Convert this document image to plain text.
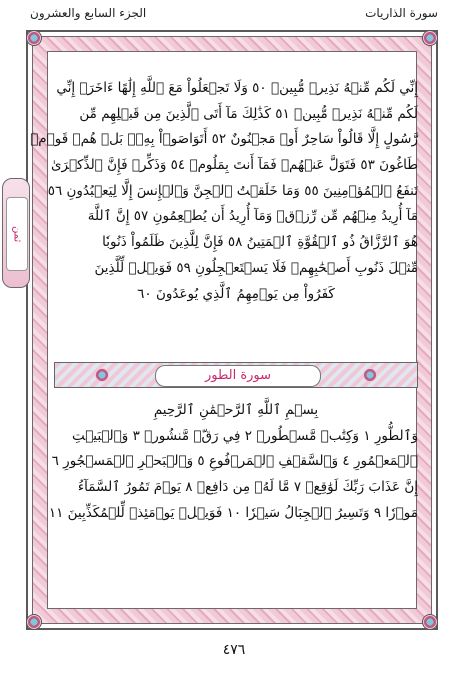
سورة الذاريات
الجزء السابع والعشرون
ثمن
إِنِّي لَكُم مِّنۡهُ نَذِيرٞ مُّبِينٞ ٥٠ وَلَا تَجۡعَلُواْ مَعَ ٱللَّهِ إِلَٰهًا ءَاخَرَۖ إِنِّي
لَكُم مِّنۡهُ نَذِيرٞ مُّبِينٞ ٥١ كَذَٰلِكَ مَآ أَتَى ٱلَّذِينَ مِن قَبۡلِهِم مِّن
رَّسُولٍ إِلَّا قَالُواْ سَاحِرٌ أَوۡ مَجۡنُونٌ ٥٢ أَتَوَاصَوۡاْ بِهِۦۚ بَلۡ هُمۡ قَوۡمٞ
طَاغُونَ ٥٣ فَتَوَلَّ عَنۡهُمۡ فَمَآ أَنتَ بِمَلُومٖ ٥٤ وَذَكِّرۡ فَإِنَّ ٱلذِّكۡرَىٰ
تَنفَعُ ٱلۡمُؤۡمِنِينَ ٥٥ وَمَا خَلَقۡتُ ٱلۡجِنَّ وَٱلۡإِنسَ إِلَّا لِيَعۡبُدُونِ ٥٦
مَآ أُرِيدُ مِنۡهُم مِّن رِّزۡقٖ وَمَآ أُرِيدُ أَن يُطۡعِمُونِ ٥٧ إِنَّ ٱللَّهَ
هُوَ ٱلرَّزَّاقُ ذُو ٱلۡقُوَّةِ ٱلۡمَتِينُ ٥٨ فَإِنَّ لِلَّذِينَ ظَلَمُواْ ذَنُوبٗا
مِّثۡلَ ذَنُوبِ أَصۡحَٰبِهِمۡ فَلَا يَسۡتَعۡجِلُونِ ٥٩ فَوَيۡلٞ لِّلَّذِينَ
كَفَرُواْ مِن يَوۡمِهِمُ ٱلَّذِي يُوعَدُونَ ٦٠
سورة الطور
بِسۡمِ ٱللَّهِ ٱلرَّحۡمَٰنِ ٱلرَّحِيمِ
وَٱلطُّورِ ١ وَكِتَٰبٖ مَّسۡطُورٖ ٢ فِي رَقّٖ مَّنشُورٖ ٣ وَٱلۡبَيۡتِ
ٱلۡمَعۡمُورِ ٤ وَٱلسَّقۡفِ ٱلۡمَرۡفُوعِ ٥ وَٱلۡبَحۡرِ ٱلۡمَسۡجُورِ ٦
إِنَّ عَذَابَ رَبِّكَ لَوَٰقِعٞ ٧ مَّا لَهُۥ مِن دَافِعٖ ٨ يَوۡمَ تَمُورُ ٱلسَّمَآءُ
مَوۡرٗا ٩ وَتَسِيرُ ٱلۡجِبَالُ سَيۡرٗا ١٠ فَوَيۡلٞ يَوۡمَئِذٖ لِّلۡمُكَذِّبِينَ ١١
٤٧٦
